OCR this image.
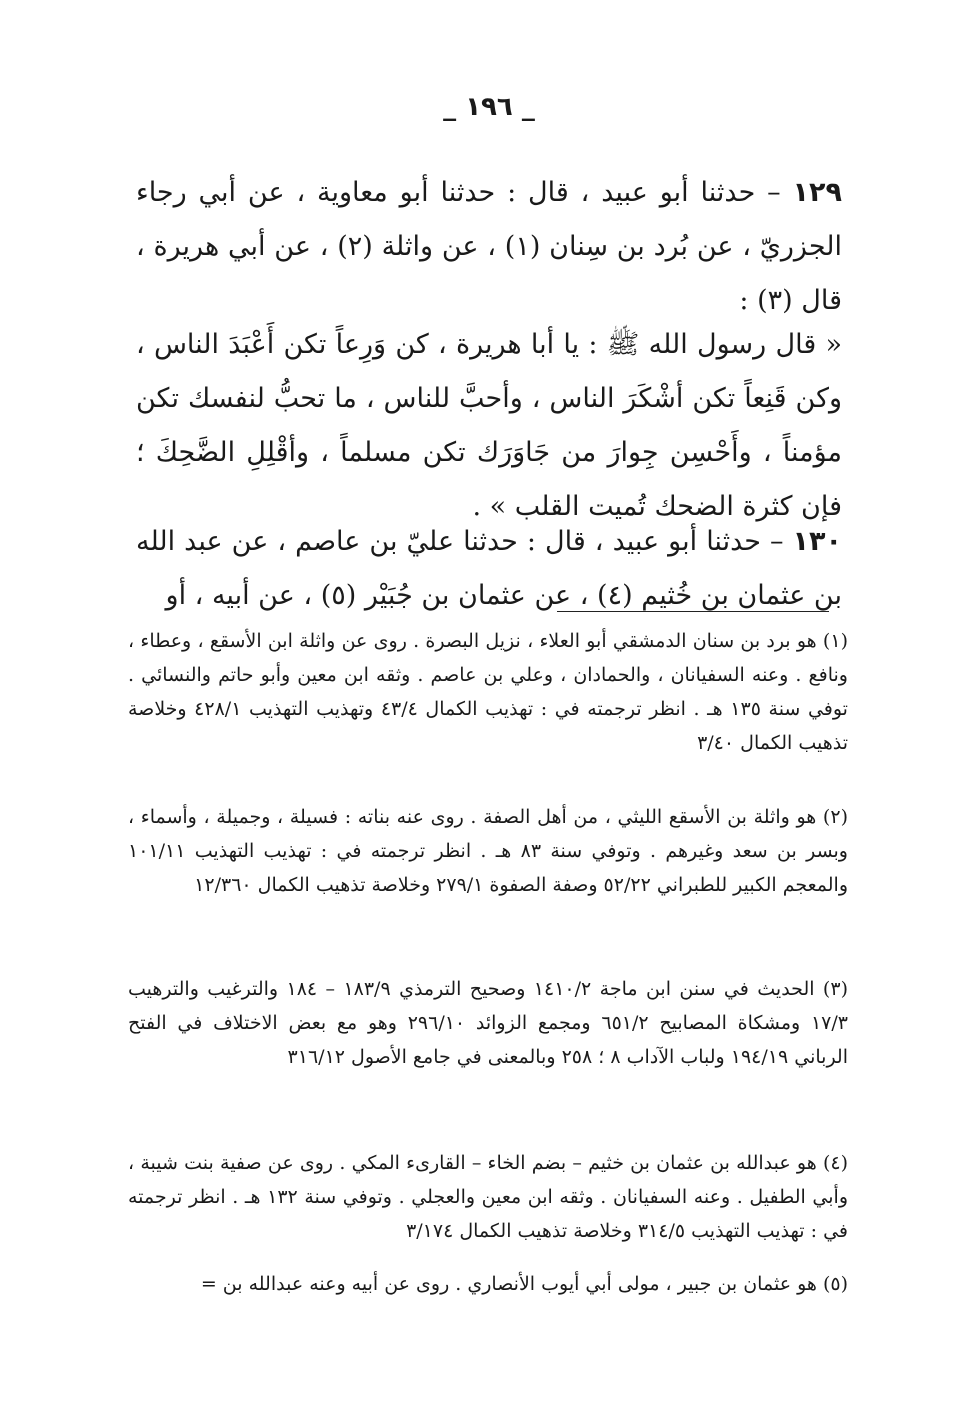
_ ١٩٦ _

١٢٩ – حدثنا أبو عبيد ، قال : حدثنا أبو معاوية ، عن أبي رجاء الجزريّ ، عن بُرد بن سِنان (١) ، عن واثلة (٢) ، عن أبي هريرة ، قال (٣) :

« قال رسول الله ﷺ : يا أبا هريرة ، كن وَرِعاً تكن أَعْبَدَ الناس ، وكن قَنِعاً تكن أشْكَرَ الناس ، وأحبَّ للناس ، ما تحبُّ لنفسك تكن مؤمناً ، وأَحْسِن جِوارَ من جَاوَرَك تكن مسلماً ، وأقْلِلِ الضَّحِكَ ؛ فإن كثرة الضحك تُميت القلب » .

١٣٠ – حدثنا أبو عبيد ، قال : حدثنا عليّ بن عاصم ، عن عبد الله بن عثمان بن خُثيم (٤) ، عن عثمان بن جُبَيْر (٥) ، عن أبيه ، أو

(١) هو برد بن سنان الدمشقي أبو العلاء ، نزيل البصرة . روى عن واثلة ابن الأسقع ، وعطاء ، ونافع . وعنه السفيانان ، والحمادان ، وعلي بن عاصم . وثقه ابن معين وأبو حاتم والنسائي . توفي سنة ١٣٥ هـ . انظر ترجمته في : تهذيب الكمال ٤٣/٤ وتهذيب التهذيب ٤٢٨/١ وخلاصة تذهيب الكمال ٣/٤٠

(٢) هو واثلة بن الأسقع الليثي ، من أهل الصفة . روى عنه بناته : فسيلة ، وجميلة ، وأسماء ، وبسر بن سعد وغيرهم . وتوفي سنة ٨٣ هـ . انظر ترجمته في : تهذيب التهذيب ١٠١/١١ والمعجم الكبير للطبراني ٥٢/٢٢ وصفة الصفوة ٢٧٩/١ وخلاصة تذهيب الكمال ١٢/٣٦٠

(٣) الحديث في سنن ابن ماجة ١٤١٠/٢ وصحيح الترمذي ١٨٣/٩ – ١٨٤ والترغيب والترهيب ١٧/٣ ومشكاة المصابيح ٦٥١/٢ ومجمع الزوائد ٢٩٦/١٠ وهو مع بعض الاختلاف في الفتح الرباني ١٩٤/١٩ ولباب الآداب ٨ ؛ ٢٥٨ وبالمعنى في جامع الأصول ٣١٦/١٢

(٤) هو عبدالله بن عثمان بن خثيم – بضم الخاء – القارىء المكي . روى عن صفية بنت شيبة ، وأبي الطفيل . وعنه السفيانان . وثقه ابن معين والعجلي . وتوفي سنة ١٣٢ هـ . انظر ترجمته في : تهذيب التهذيب ٣١٤/٥ وخلاصة تذهيب الكمال ٣/١٧٤

(٥) هو عثمان بن جبير ، مولى أبي أيوب الأنصاري . روى عن أبيه وعنه عبدالله بن =
